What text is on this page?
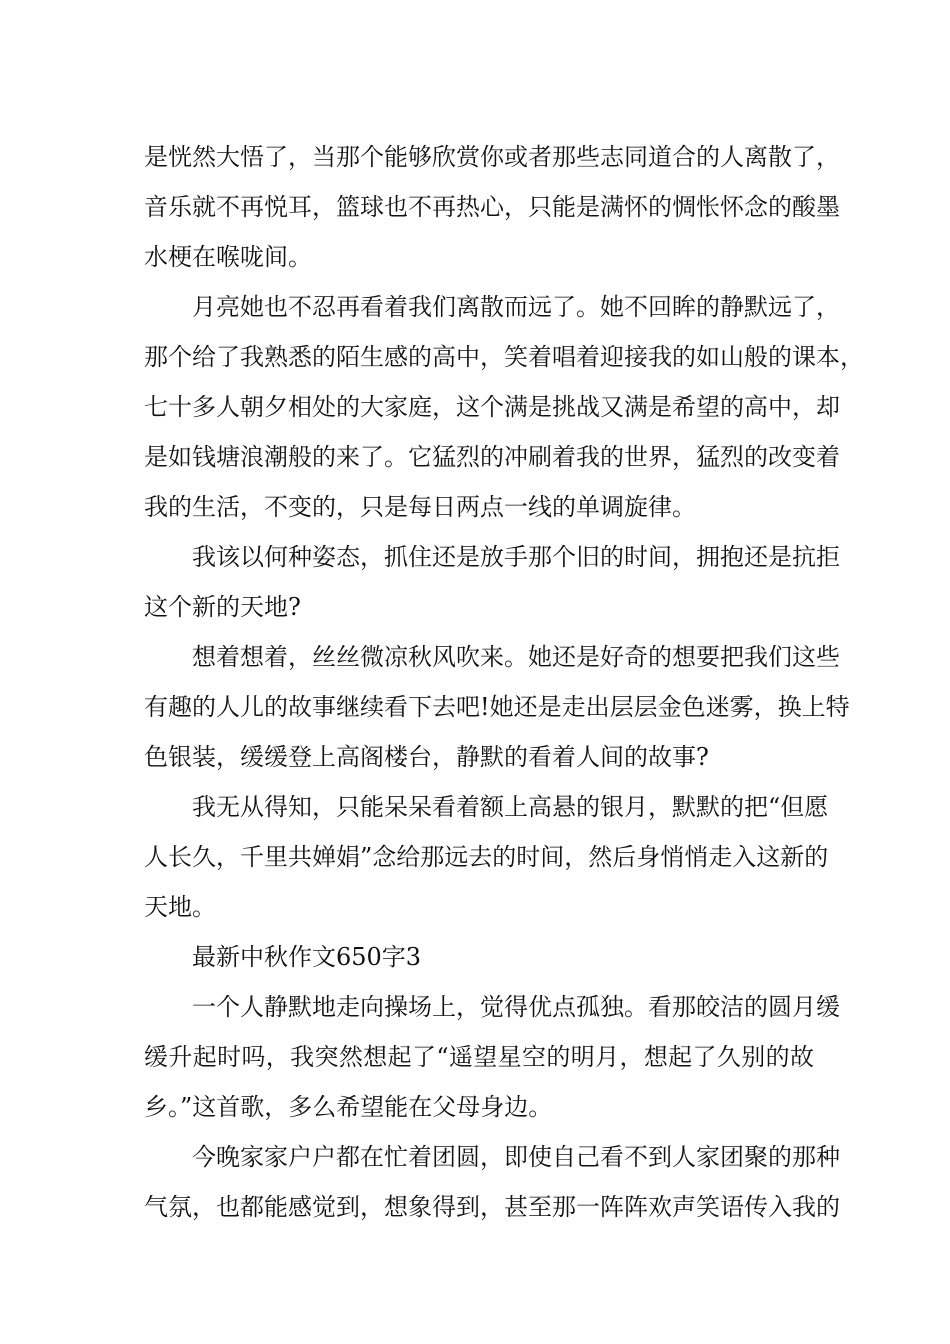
是恍然大悟了，当那个能够欣赏你或者那些志同道合的人离散了，
音乐就不再悦耳，篮球也不再热心，只能是满怀的惆怅怀念的酸墨
水梗在喉咙间。
月亮她也不忍再看着我们离散而远了。她不回眸的静默远了，
那个给了我熟悉的陌生感的高中，笑着唱着迎接我的如山般的课本，
七十多人朝夕相处的大家庭，这个满是挑战又满是希望的高中，却
是如钱塘浪潮般的来了。它猛烈的冲刷着我的世界，猛烈的改变着
我的生活，不变的，只是每日两点一线的单调旋律。
我该以何种姿态，抓住还是放手那个旧的时间，拥抱还是抗拒
这个新的天地?
想着想着，丝丝微凉秋风吹来。她还是好奇的想要把我们这些
有趣的人儿的故事继续看下去吧!她还是走出层层金色迷雾，换上特
色银装，缓缓登上高阁楼台，静默的看着人间的故事?
我无从得知，只能呆呆看着额上高悬的银月，默默的把“但愿
人长久，千里共婵娟”念给那远去的时间，然后身悄悄走入这新的
天地。
最新中秋作文650字3
一个人静默地走向操场上，觉得优点孤独。看那皎洁的圆月缓
缓升起时吗，我突然想起了“遥望星空的明月，想起了久别的故
乡。”这首歌，多么希望能在父母身边。
今晚家家户户都在忙着团圆，即使自己看不到人家团聚的那种
气氛，也都能感觉到，想象得到，甚至那一阵阵欢声笑语传入我的
